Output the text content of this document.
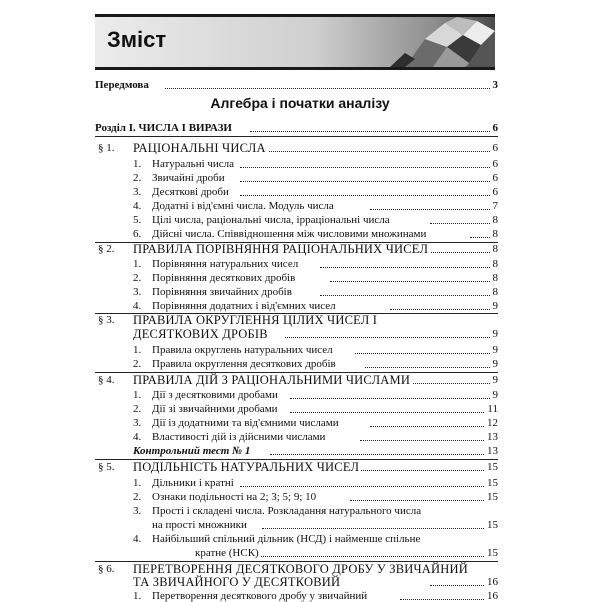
Зміст
Передмова	3
Алгебра і початки аналізу
Розділ I. ЧИСЛА І ВИРАЗИ	6
§ 1. РАЦІОНАЛЬНІ ЧИСЛА	6
1. Натуральні числа	6
2. Звичайні дроби	6
3. Десяткові дроби	6
4. Додатні і від'ємні числа. Модуль числа	7
5. Цілі числа, раціональні числа, ірраціональні числа	8
6. Дійсні числа. Співвідношення між числовими множинами	8
§ 2. ПРАВИЛА ПОРІВНЯННЯ РАЦІОНАЛЬНИХ ЧИСЕЛ	8
1. Порівняння натуральних чисел	8
2. Порівняння десяткових дробів	8
3. Порівняння звичайних дробів	8
4. Порівняння додатних і від'ємних чисел	9
§ 3. ПРАВИЛА ОКРУГЛЕННЯ ЦІЛИХ ЧИСЕЛ І
ДЕСЯТКОВИХ ДРОБІВ	9
1. Правила округлень натуральних чисел	9
2. Правила округлення десяткових дробів	9
§ 4. ПРАВИЛА ДІЙ З РАЦІОНАЛЬНИМИ ЧИСЛАМИ	9
1. Дії з десятковими дробами	9
2. Дії зі звичайними дробами	11
3. Дії із додатними та від'ємними числами	12
4. Властивості дій із дійсними числами	13
Контрольний тест № 1	13
§ 5. ПОДІЛЬНІСТЬ НАТУРАЛЬНИХ ЧИСЕЛ	15
1. Дільники і кратні	15
2. Ознаки подільності на 2; 3; 5; 9; 10	15
3. Прості і складені числа. Розкладання натурального числа
на прості множники	15
4. Найбільший спільний дільник (НСД) і найменше спільне
кратне (НСК)	15
§ 6. ПЕРЕТВОРЕННЯ ДЕСЯТКОВОГО ДРОБУ У ЗВИЧАЙНИЙ
ТА ЗВИЧАЙНОГО У ДЕСЯТКОВИЙ	16
1. Перетворення десяткового дробу у звичайний	16
